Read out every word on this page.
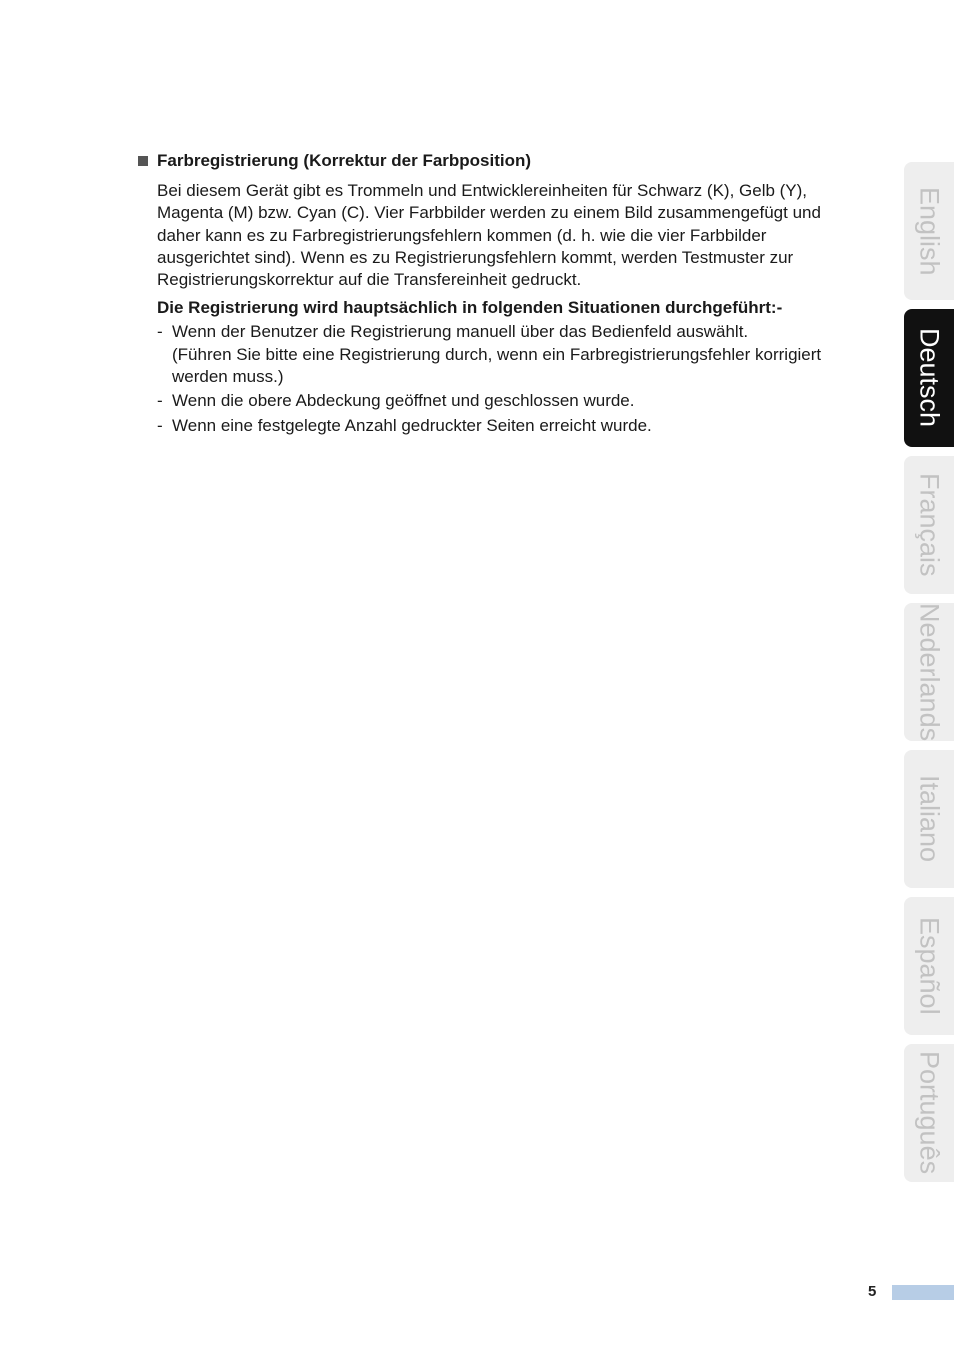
Farbregistrierung (Korrektur der Farbposition)

Bei diesem Gerät gibt es Trommeln und Entwicklereinheiten für Schwarz (K), Gelb (Y),
Magenta (M) bzw. Cyan (C). Vier Farbbilder werden zu einem Bild zusammengefügt und
daher kann es zu Farbregistrierungsfehlern kommen (d. h. wie die vier Farbbilder
ausgerichtet sind). Wenn es zu Registrierungsfehlern kommt, werden Testmuster zur
Registrierungskorrektur auf die Transfereinheit gedruckt.

Die Registrierung wird hauptsächlich in folgenden Situationen durchgeführt:-
- Wenn der Benutzer die Registrierung manuell über das Bedienfeld auswählt.
(Führen Sie bitte eine Registrierung durch, wenn ein Farbregistrierungsfehler korrigiert
werden muss.)
- Wenn die obere Abdeckung geöffnet und geschlossen wurde.
- Wenn eine festgelegte Anzahl gedruckter Seiten erreicht wurde.
English
Deutsch
Français
Nederlands
Italiano
Español
Português
5
